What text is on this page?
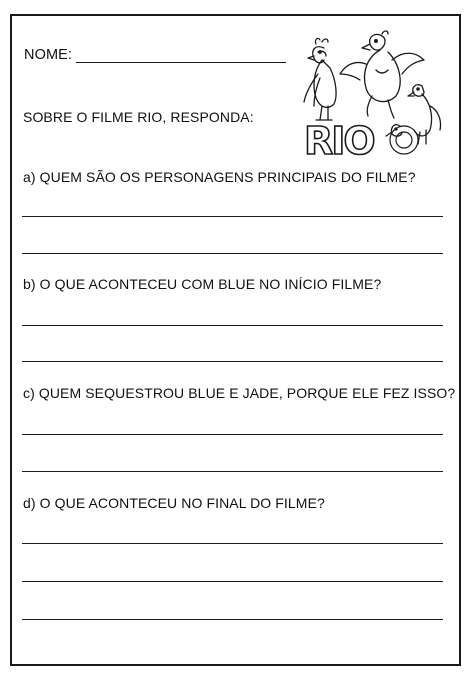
NOME:
SOBRE O FILME RIO, RESPONDA:
RIO
a) QUEM SÃO OS PERSONAGENS PRINCIPAIS DO FILME?
b) O QUE ACONTECEU COM BLUE NO INÍCIO FILME?
c) QUEM SEQUESTROU BLUE E JADE, PORQUE ELE FEZ ISSO?
d) O QUE ACONTECEU NO FINAL DO FILME?
